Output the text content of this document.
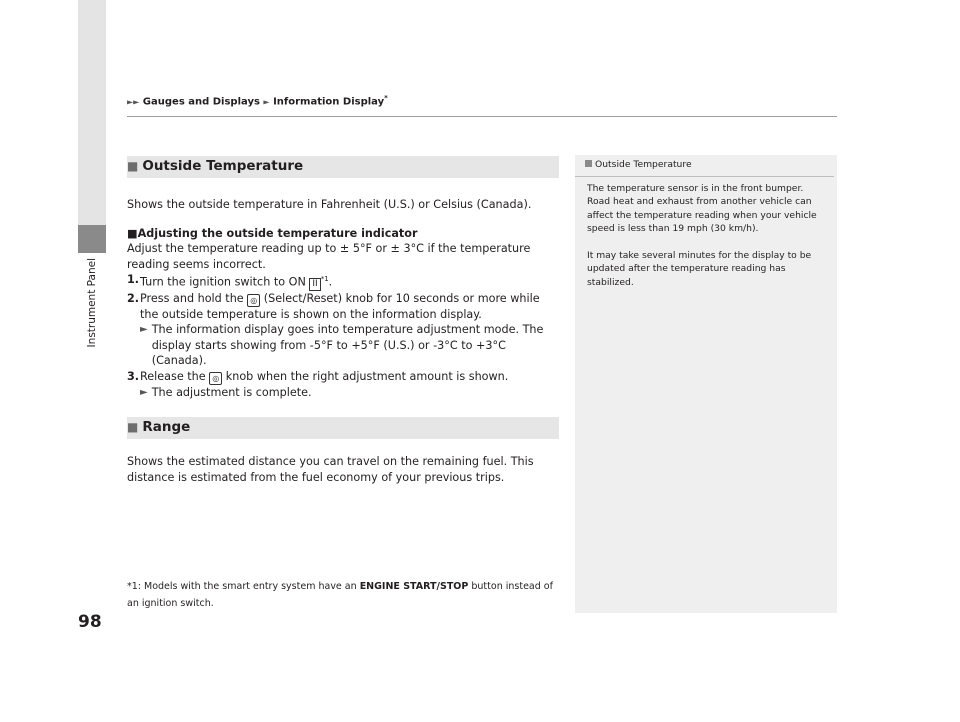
Instrument Panel
98
►► Gauges and Displays ► Information Display*
■ Outside Temperature

Shows the outside temperature in Fahrenheit (U.S.) or Celsius (Canada).

■Adjusting the outside temperature indicator

Adjust the temperature reading up to ± 5°F or ± 3°C if the temperature reading seems incorrect.

1. Turn the ignition switch to ON II $^{*1}$.
2. Press and hold the ◎ (Select/Reset) knob for 10 seconds or more while the outside temperature is shown on the information display.
► The information display goes into temperature adjustment mode. The display starts showing from -5°F to +5°F (U.S.) or -3°C to +3°C (Canada).
3. Release the ◎ knob when the right adjustment amount is shown.
► The adjustment is complete.
■ Range

Shows the estimated distance you can travel on the remaining fuel. This distance is estimated from the fuel economy of your previous trips.

*1: Models with the smart entry system have an ENGINE START/STOP button instead of an ignition switch.
Outside Temperature

The temperature sensor is in the front bumper. Road heat and exhaust from another vehicle can affect the temperature reading when your vehicle speed is less than 19 mph (30 km/h).

It may take several minutes for the display to be updated after the temperature reading has stabilized.
